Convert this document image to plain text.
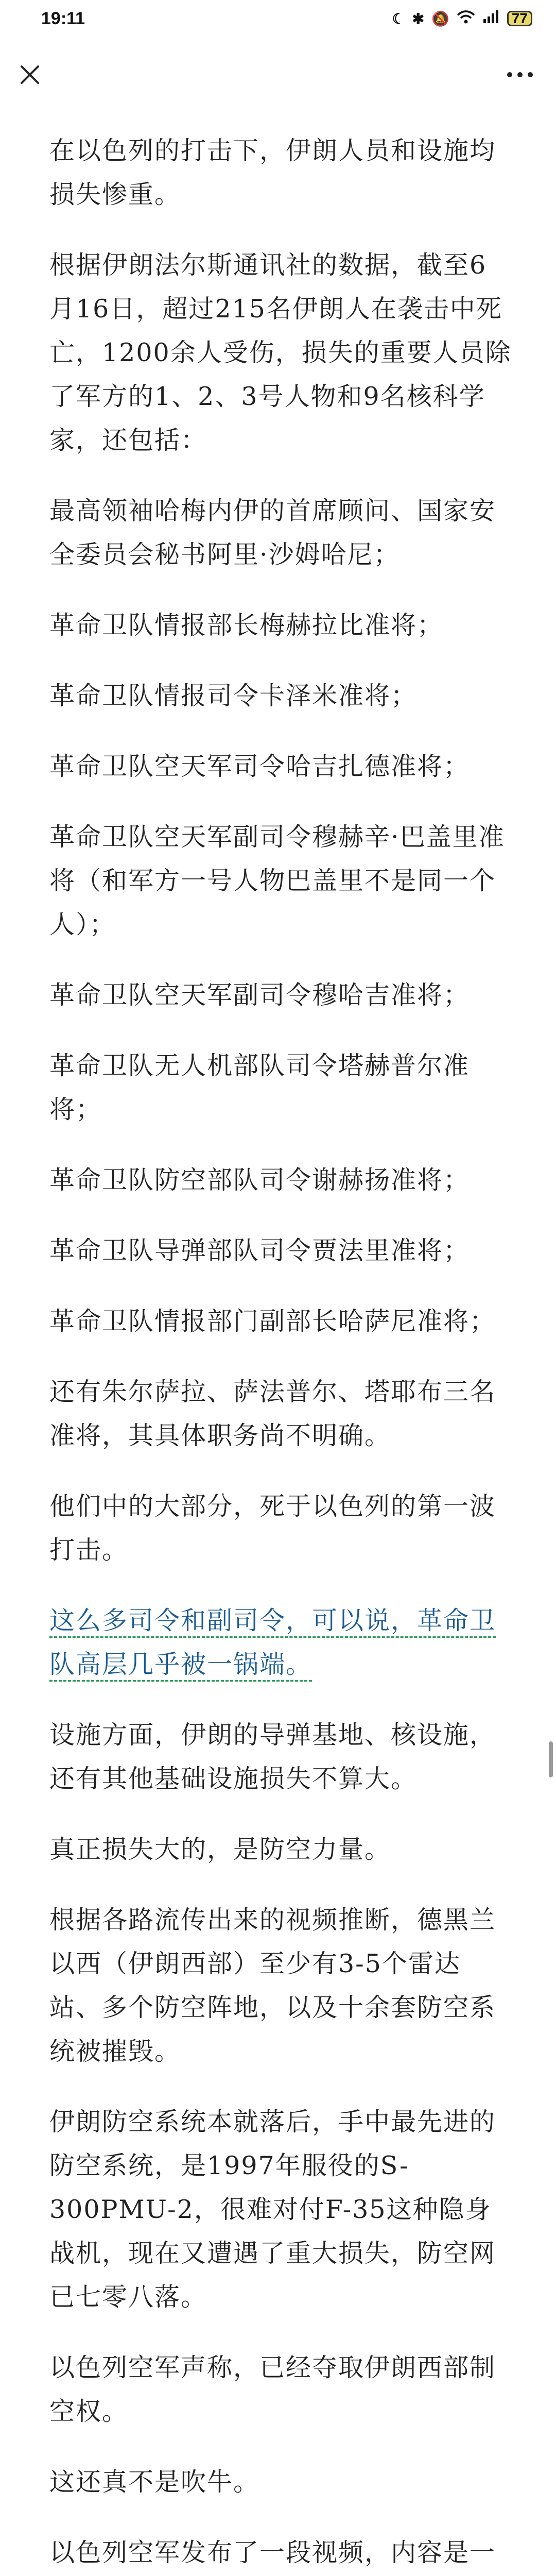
19:11	☾ ✱ 🔕	77

在以色列的打击下，伊朗人员和设施均损失惨重。

根据伊朗法尔斯通讯社的数据，截至6月16日，超过215名伊朗人在袭击中死亡，1200余人受伤，损失的重要人员除了军方的1、2、3号人物和9名核科学家，还包括：

最高领袖哈梅内伊的首席顾问、国家安全委员会秘书阿里·沙姆哈尼；

革命卫队情报部长梅赫拉比准将；

革命卫队情报司令卡泽米准将；

革命卫队空天军司令哈吉扎德准将；

革命卫队空天军副司令穆赫辛·巴盖里准将（和军方一号人物巴盖里不是同一个人）；

革命卫队空天军副司令穆哈吉准将；

革命卫队无人机部队司令塔赫普尔准将；

革命卫队防空部队司令谢赫扬准将；

革命卫队导弹部队司令贾法里准将；

革命卫队情报部门副部长哈萨尼准将；

还有朱尔萨拉、萨法普尔、塔耶布三名准将，其具体职务尚不明确。

他们中的大部分，死于以色列的第一波打击。

这么多司令和副司令，可以说，革命卫队高层几乎被一锅端。

设施方面，伊朗的导弹基地、核设施，还有其他基础设施损失不算大。

真正损失大的，是防空力量。

根据各路流传出来的视频推断，德黑兰以西（伊朗西部）至少有3-5个雷达站、多个防空阵地，以及十余套防空系统被摧毁。

伊朗防空系统本就落后，手中最先进的防空系统，是1997年服役的S-300PMU-2，很难对付F-35这种隐身战机，现在又遭遇了重大损失，防空网已七零八落。

以色列空军声称，已经夺取伊朗西部制空权。

这还真不是吹牛。

以色列空军发布了一段视频，内容是一
